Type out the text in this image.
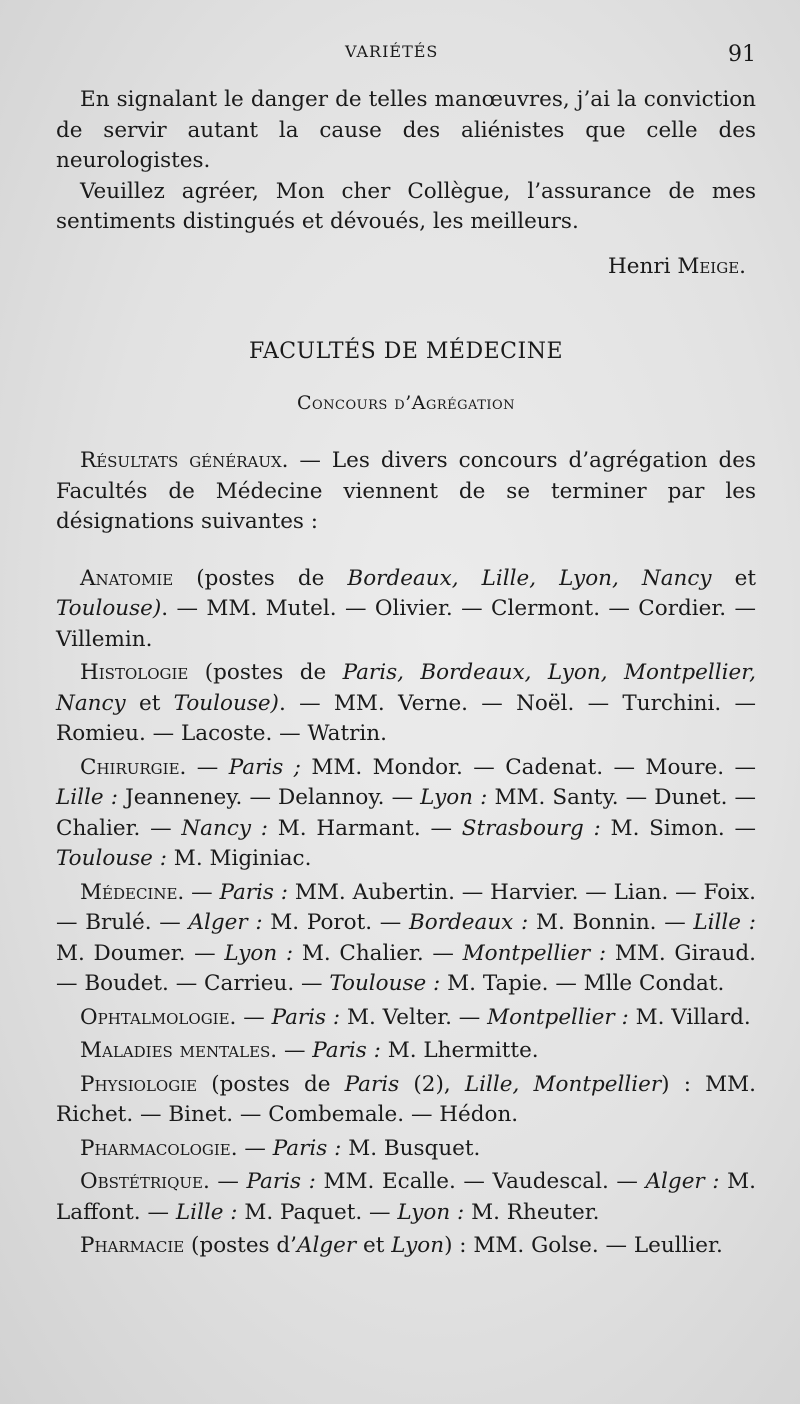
VARIÉTÉS	91

En signalant le danger de telles manœuvres, j’ai la conviction de servir autant la cause des aliénistes que celle des neurologistes.

Veuillez agréer, Mon cher Collègue, l’assurance de mes sentiments distingués et dévoués, les meilleurs.

Henri Meige.

FACULTÉS DE MÉDECINE
Concours d’Agrégation

Résultats généraux. — Les divers concours d’agrégation des Facultés de Médecine viennent de se terminer par les désignations suivantes :

Anatomie (postes de Bordeaux, Lille, Lyon, Nancy et Toulouse). — MM. Mutel. — Olivier. — Clermont. — Cordier. — Villemin.

Histologie (postes de Paris, Bordeaux, Lyon, Montpellier, Nancy et Toulouse). — MM. Verne. — Noël. — Turchini. — Romieu. — Lacoste. — Watrin.

Chirurgie. — Paris ; MM. Mondor. — Cadenat. — Moure. — Lille : Jeanneney. — Delannoy. — Lyon : MM. Santy. — Dunet. — Chalier. — Nancy : M. Harmant. — Strasbourg : M. Simon. — Toulouse : M. Miginiac.

Médecine. — Paris : MM. Aubertin. — Harvier. — Lian. — Foix. — Brulé. — Alger : M. Porot. — Bordeaux : M. Bonnin. — Lille : M. Doumer. — Lyon : M. Chalier. — Montpellier : MM. Giraud. — Boudet. — Carrieu. — Toulouse : M. Tapie. — Mlle Condat.

Ophtalmologie. — Paris : M. Velter. — Montpellier : M. Villard.

Maladies mentales. — Paris : M. Lhermitte.

Physiologie (postes de Paris (2), Lille, Montpellier) : MM. Richet. — Binet. — Combemale. — Hédon.

Pharmacologie. — Paris : M. Busquet.

Obstétrique. — Paris : MM. Ecalle. — Vaudescal. — Alger : M. Laffont. — Lille : M. Paquet. — Lyon : M. Rheuter.

Pharmacie (postes d’Alger et Lyon) : MM. Golse. — Leullier.
